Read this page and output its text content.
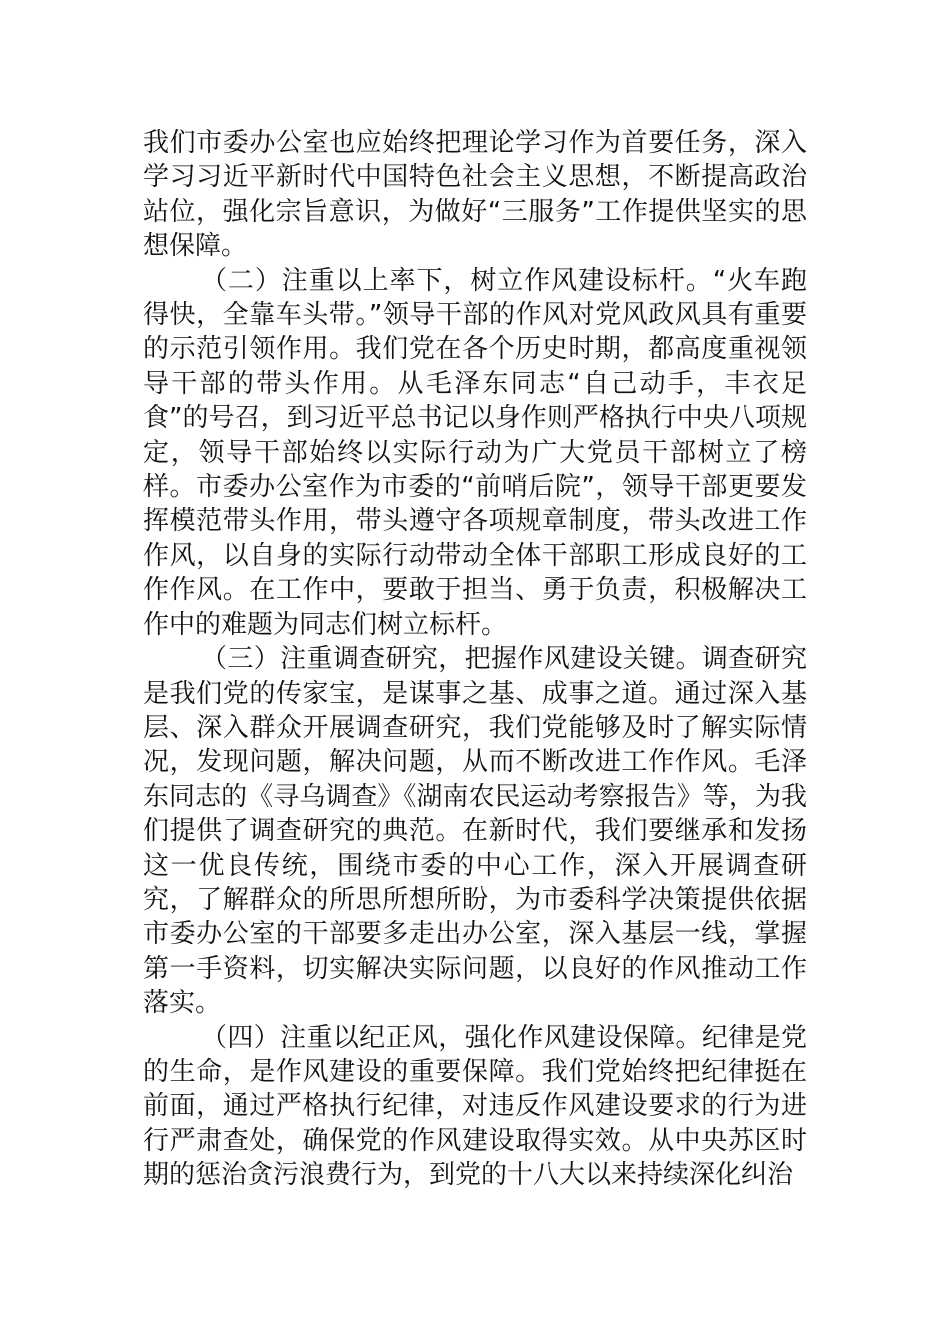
我们市委办公室也应始终把理论学习作为首要任务，深入学习习近平新时代中国特色社会主义思想，不断提高政治站位，强化宗旨意识，为做好“三服务”工作提供坚实的思想保障。

（二）注重以上率下，树立作风建设标杆。“火车跑得快，全靠车头带。”领导干部的作风对党风政风具有重要的示范引领作用。我们党在各个历史时期，都高度重视领导干部的带头作用。从毛泽东同志“自己动手，丰衣足食”的号召，到习近平总书记以身作则严格执行中央八项规定，领导干部始终以实际行动为广大党员干部树立了榜样。市委办公室作为市委的“前哨后院”，领导干部更要发挥模范带头作用，带头遵守各项规章制度，带头改进工作作风，以自身的实际行动带动全体干部职工形成良好的工作作风。在工作中，要敢于担当、勇于负责，积极解决工作中的难题为同志们树立标杆。

（三）注重调查研究，把握作风建设关键。调查研究是我们党的传家宝，是谋事之基、成事之道。通过深入基层、深入群众开展调查研究，我们党能够及时了解实际情况，发现问题，解决问题，从而不断改进工作作风。毛泽东同志的《寻乌调查》《湖南农民运动考察报告》等，为我们提供了调查研究的典范。在新时代，我们要继承和发扬这一优良传统，围绕市委的中心工作，深入开展调查研究，了解群众的所思所想所盼，为市委科学决策提供依据市委办公室的干部要多走出办公室，深入基层一线，掌握第一手资料，切实解决实际问题，以良好的作风推动工作落实。

（四）注重以纪正风，强化作风建设保障。纪律是党的生命，是作风建设的重要保障。我们党始终把纪律挺在前面，通过严格执行纪律，对违反作风建设要求的行为进行严肃查处，确保党的作风建设取得实效。从中央苏区时期的惩治贪污浪费行为，到党的十八大以来持续深化纠治
